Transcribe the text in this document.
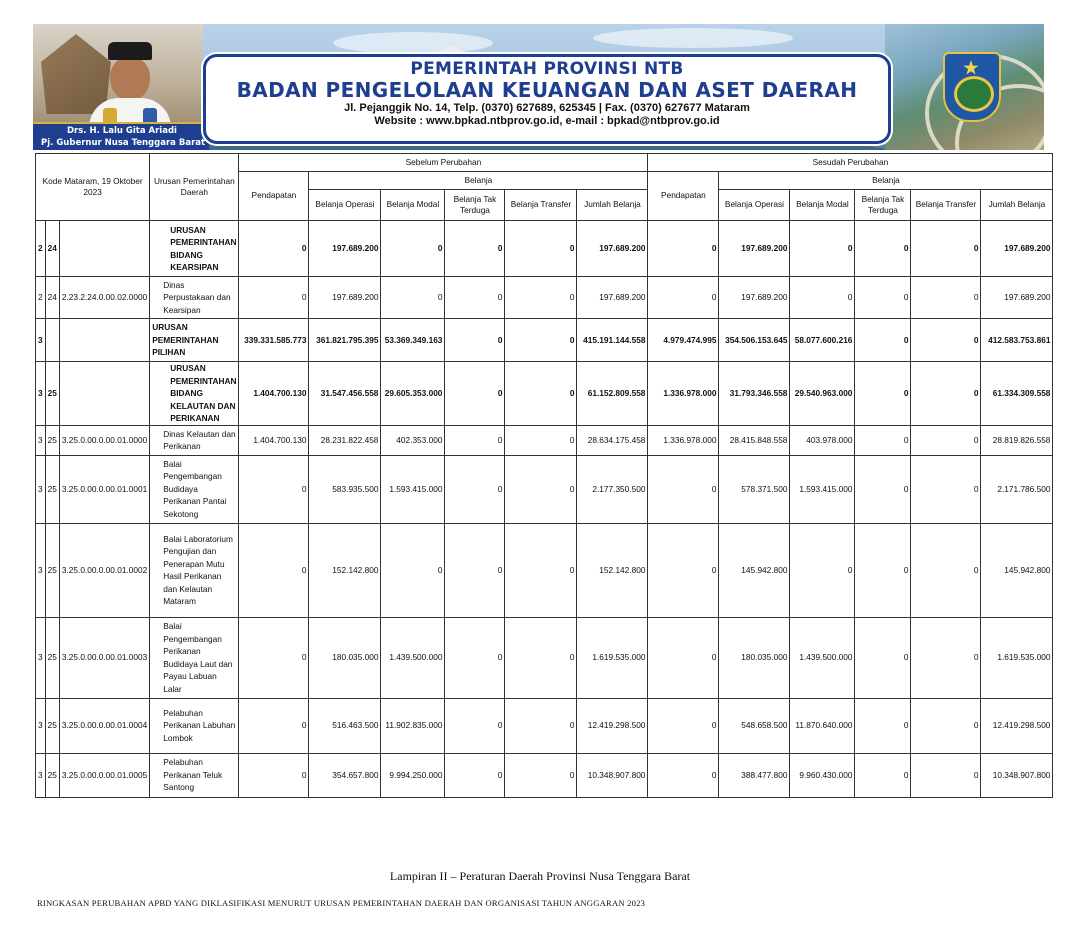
Drs. H. Lalu Gita Ariadi
Pj. Gubernur Nusa Tenggara Barat
PEMERINTAH PROVINSI NTB
BADAN PENGELOLAAN KEUANGAN DAN ASET DAERAH
Jl. Pejanggik No. 14, Telp. (0370) 627689, 625345 | Fax. (0370) 627677 Mataram
Website : www.bpkad.ntbprov.go.id, e-mail : bpkad@ntbprov.go.id
Kode Mataram, 19 Oktober 2023			Urusan Pemerintahan Daerah	Sebelum Perubahan						Sesudah Perubahan					
				Pendapatan	Belanja					Pendapatan	Belanja				
					Belanja Operasi	Belanja Modal	Belanja Tak Terduga	Belanja Transfer	Jumlah Belanja		Belanja Operasi	Belanja Modal	Belanja Tak Terduga	Belanja Transfer	Jumlah Belanja

2	24		URUSAN PEMERINTAHAN BIDANG KEARSIPAN	0	197.689.200	0	0	0	197.689.200	0	197.689.200	0	0	0	197.689.200
2	24	2.23.2.24.0.00.02.0000	Dinas Perpustakaan dan Kearsipan	0	197.689.200	0	0	0	197.689.200	0	197.689.200	0	0	0	197.689.200
3			URUSAN PEMERINTAHAN PILIHAN	339.331.585.773	361.821.795.395	53.369.349.163	0	0	415.191.144.558	4.979.474.995	354.506.153.645	58.077.600.216	0	0	412.583.753.861
3	25		URUSAN PEMERINTAHAN BIDANG KELAUTAN DAN PERIKANAN	1.404.700.130	31.547.456.558	29.605.353.000	0	0	61.152.809.558	1.336.978.000	31.793.346.558	29.540.963.000	0	0	61.334.309.558
3	25	3.25.0.00.0.00.01.0000	Dinas Kelautan dan Perikanan	1.404.700.130	28.231.822.458	402.353.000	0	0	28.634.175.458	1.336.978.000	28.415.848.558	403.978.000	0	0	28.819.826.558
3	25	3.25.0.00.0.00.01.0001	Balai Pengembangan Budidaya Perikanan Pantai Sekotong	0	583.935.500	1.593.415.000	0	0	2.177.350.500	0	578.371.500	1.593.415.000	0	0	2.171.786.500
3	25	3.25.0.00.0.00.01.0002	Balai Laboratorium Pengujian dan Penerapan Mutu Hasil Perikanan dan Kelautan Mataram	0	152.142.800	0	0	0	152.142.800	0	145.942.800	0	0	0	145.942.800
3	25	3.25.0.00.0.00.01.0003	Balai Pengembangan Perikanan Budidaya Laut dan Payau Labuan Lalar	0	180.035.000	1.439.500.000	0	0	1.619.535.000	0	180.035.000	1.439.500.000	0	0	1.619.535.000
3	25	3.25.0.00.0.00.01.0004	Pelabuhan Perikanan Labuhan Lombok	0	516.463.500	11.902.835.000	0	0	12.419.298.500	0	548.658.500	11.870.640.000	0	0	12.419.298.500
3	25	3.25.0.00.0.00.01.0005	Pelabuhan Perikanan Teluk Santong	0	354.657.800	9.994.250.000	0	0	10.348.907.800	0	388.477.800	9.960.430.000	0	0	10.348.907.800
Lampiran II – Peraturan Daerah Provinsi Nusa Tenggara Barat
RINGKASAN PERUBAHAN APBD YANG DIKLASIFIKASI MENURUT URUSAN PEMERINTAHAN DAERAH DAN ORGANISASI TAHUN ANGGARAN 2023
